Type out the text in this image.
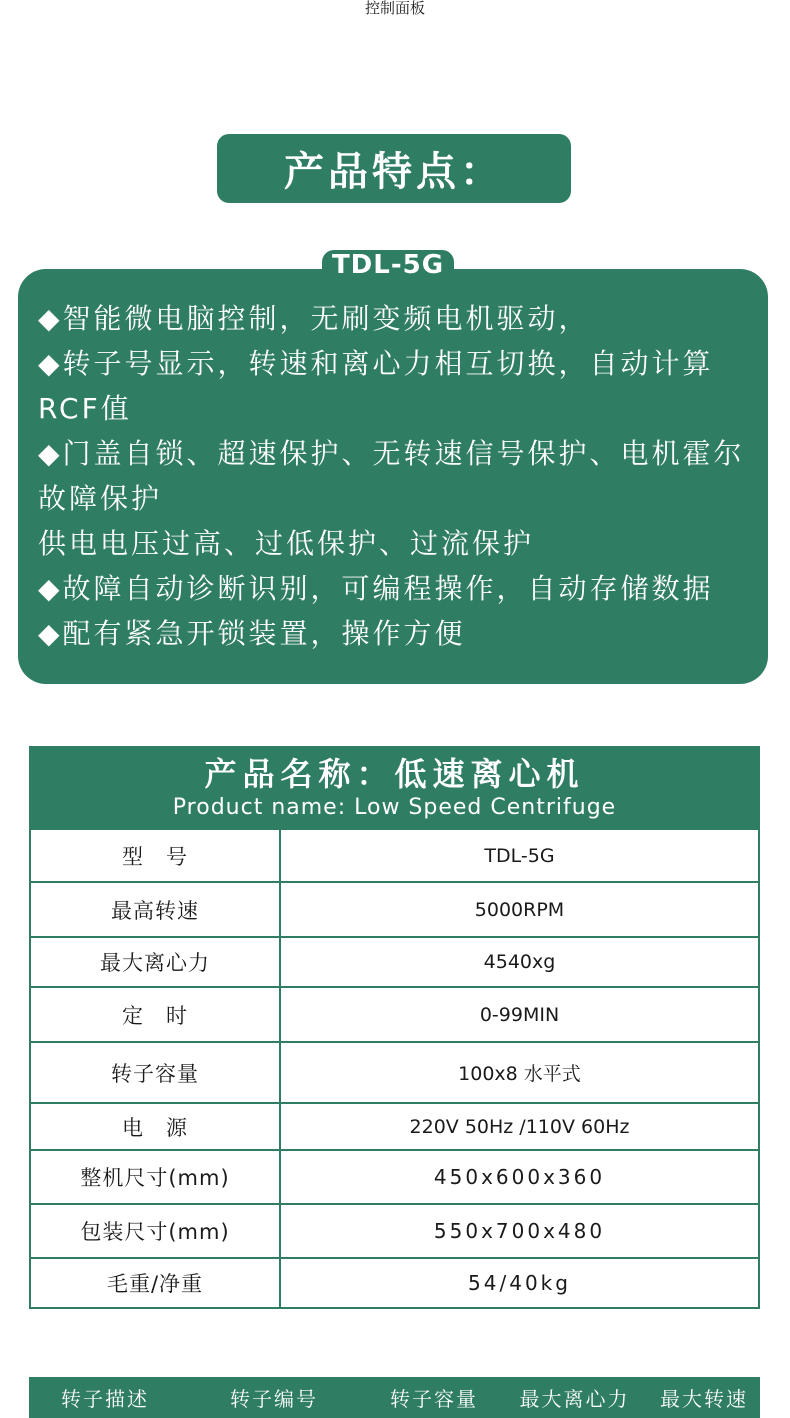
控制面板
产品特点：
TDL-5G
◆智能微电脑控制，无刷变频电机驱动，
◆转子号显示，转速和离心力相互切换，自动计算RCF值
◆门盖自锁、超速保护、无转速信号保护、电机霍尔故障保护
供电电压过高、过低保护、过流保护
◆故障自动诊断识别，可编程操作，自动存储数据
◆配有紧急开锁装置，操作方便
产品名称：低速离心机
Product name: Low Speed Centrifuge
型　号	TDL-5G
最高转速	5000RPM
最大离心力	4540xg
定　时	0-99MIN
转子容量	100x8 水平式
电　源	220V 50Hz /110V 60Hz
整机尺寸(mm)	450x600x360
包装尺寸(mm)	550x700x480
毛重/净重	54/40kg
转子描述	转子编号	转子容量	最大离心力	最大转速
